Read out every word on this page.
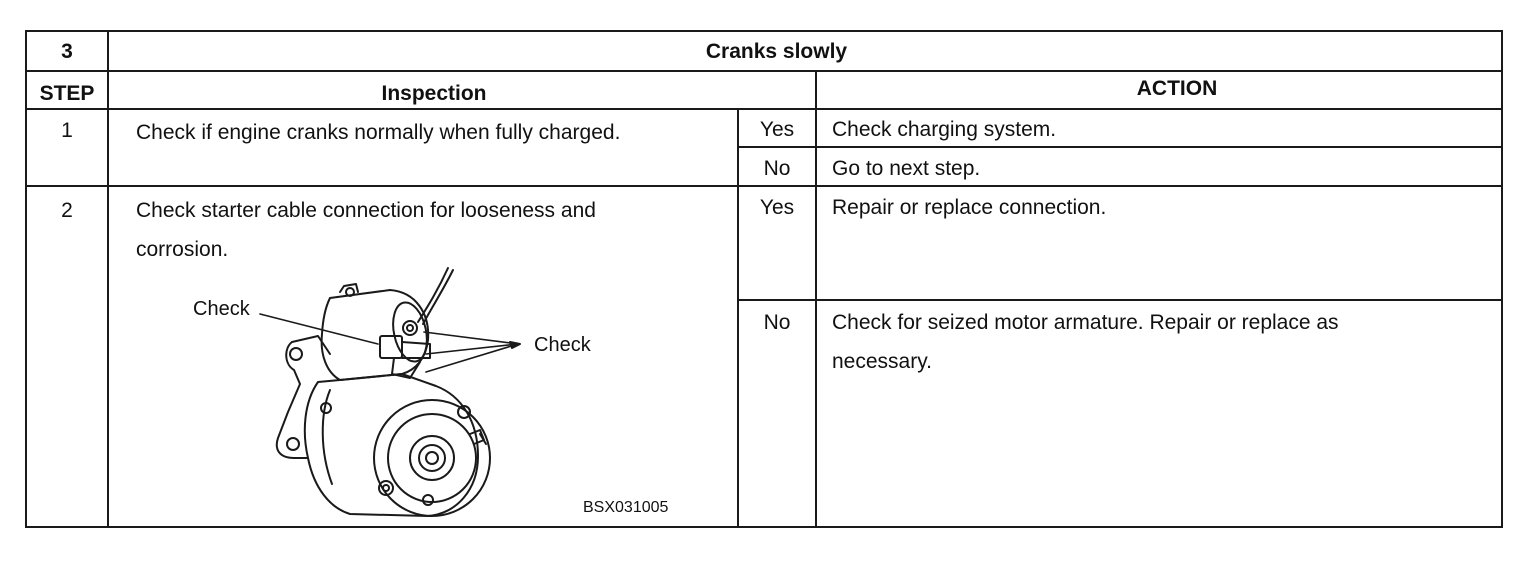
3	Cranks slowly
STEP	Inspection	ACTION
1	Check if engine cranks normally when fully charged.	Yes	Check charging system.
No	Go to next step.
2	Check starter cable connection for looseness and
corrosion.
Yes	Repair or replace connection.
No	Check for seized motor armature. Repair or replace as
necessary.
Check
Check
BSX031005
